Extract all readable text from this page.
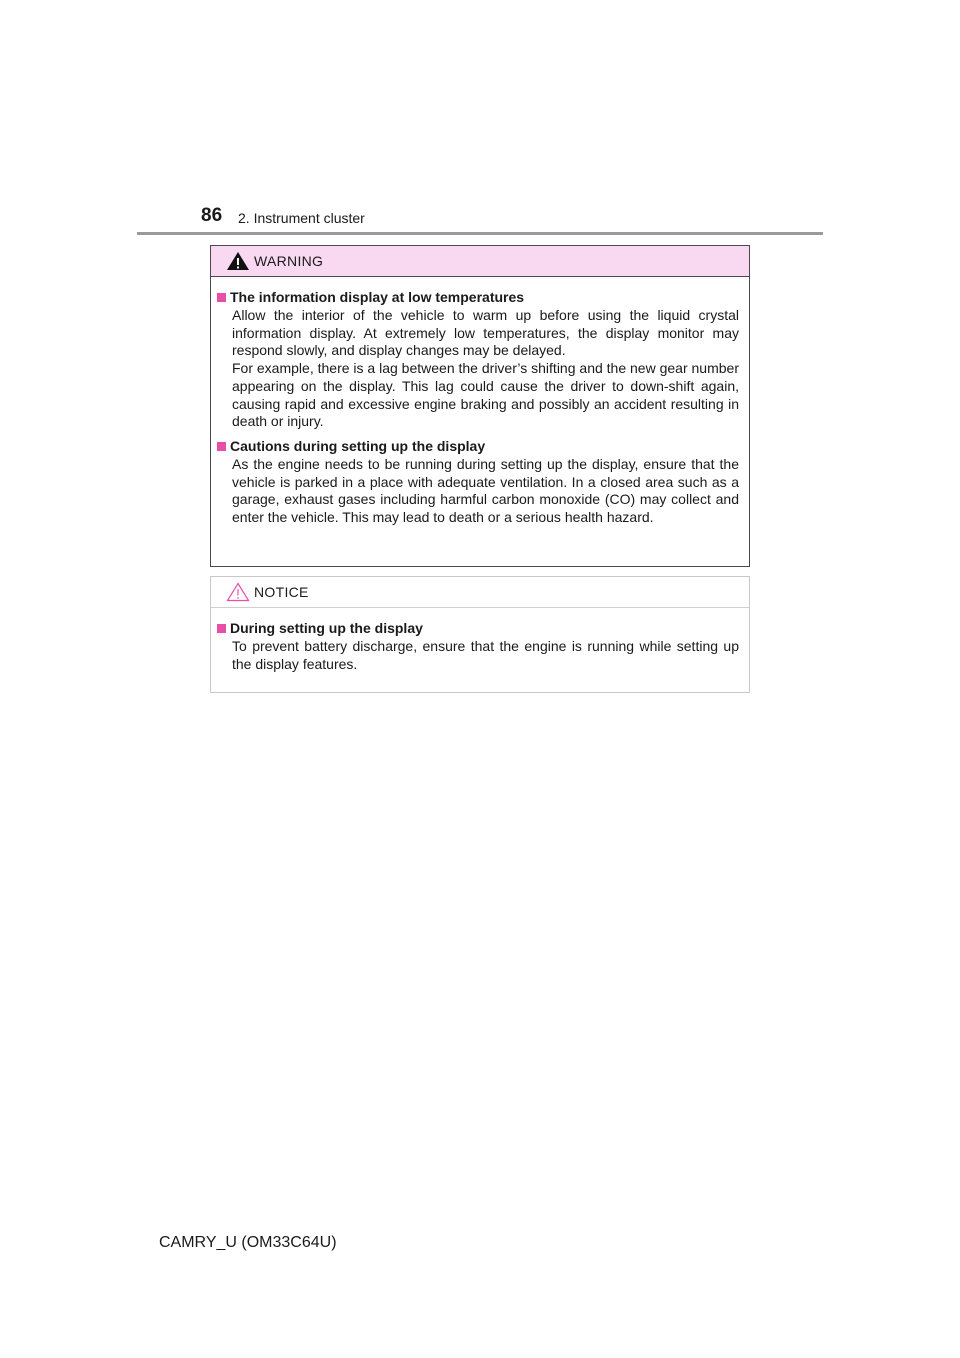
86 2. Instrument cluster
WARNING
The information display at low temperatures

Allow the interior of the vehicle to warm up before using the liquid crystal information display. At extremely low temperatures, the display monitor may respond slowly, and display changes may be delayed.

For example, there is a lag between the driver’s shifting and the new gear number appearing on the display. This lag could cause the driver to down-shift again, causing rapid and excessive engine braking and possibly an accident resulting in death or injury.

Cautions during setting up the display

As the engine needs to be running during setting up the display, ensure that the vehicle is parked in a place with adequate ventilation. In a closed area such as a garage, exhaust gases including harmful carbon monoxide (CO) may collect and enter the vehicle. This may lead to death or a serious health hazard.

NOTICE
During setting up the display

To prevent battery discharge, ensure that the engine is running while setting up the display features.

CAMRY_U (OM33C64U)
